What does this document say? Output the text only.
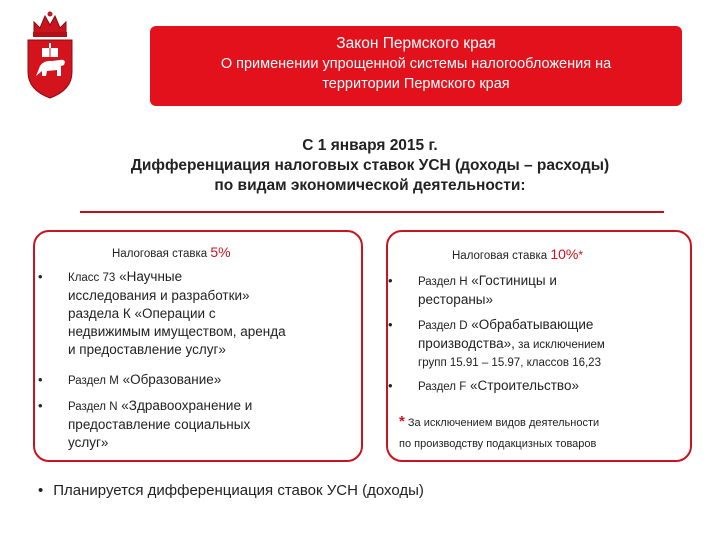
Закон Пермского края
О применении упрощенной системы налогообложения на
территории Пермского края
С 1 января 2015 г.
Дифференциация налоговых ставок УСН (доходы – расходы)
по видам экономической деятельности:
Налоговая ставка 5%
• Класс 73 «Научные
исследования и разработки»
раздела К «Операции с
недвижимым имуществом, аренда
и предоставление услуг»
• Раздел М «Образование»
• Раздел N «Здравоохранение и
предоставление социальных
услуг»
Налоговая ставка 10%*
• Раздел H «Гостиницы и
рестораны»
• Раздел D «Обрабатывающие
производства», за исключением
групп 15.91 – 15.97, классов 16,23
• Раздел F «Строительство»
* За исключением видов деятельности
по производству подакцизных товаров
• Планируется дифференциация ставок УСН (доходы)
